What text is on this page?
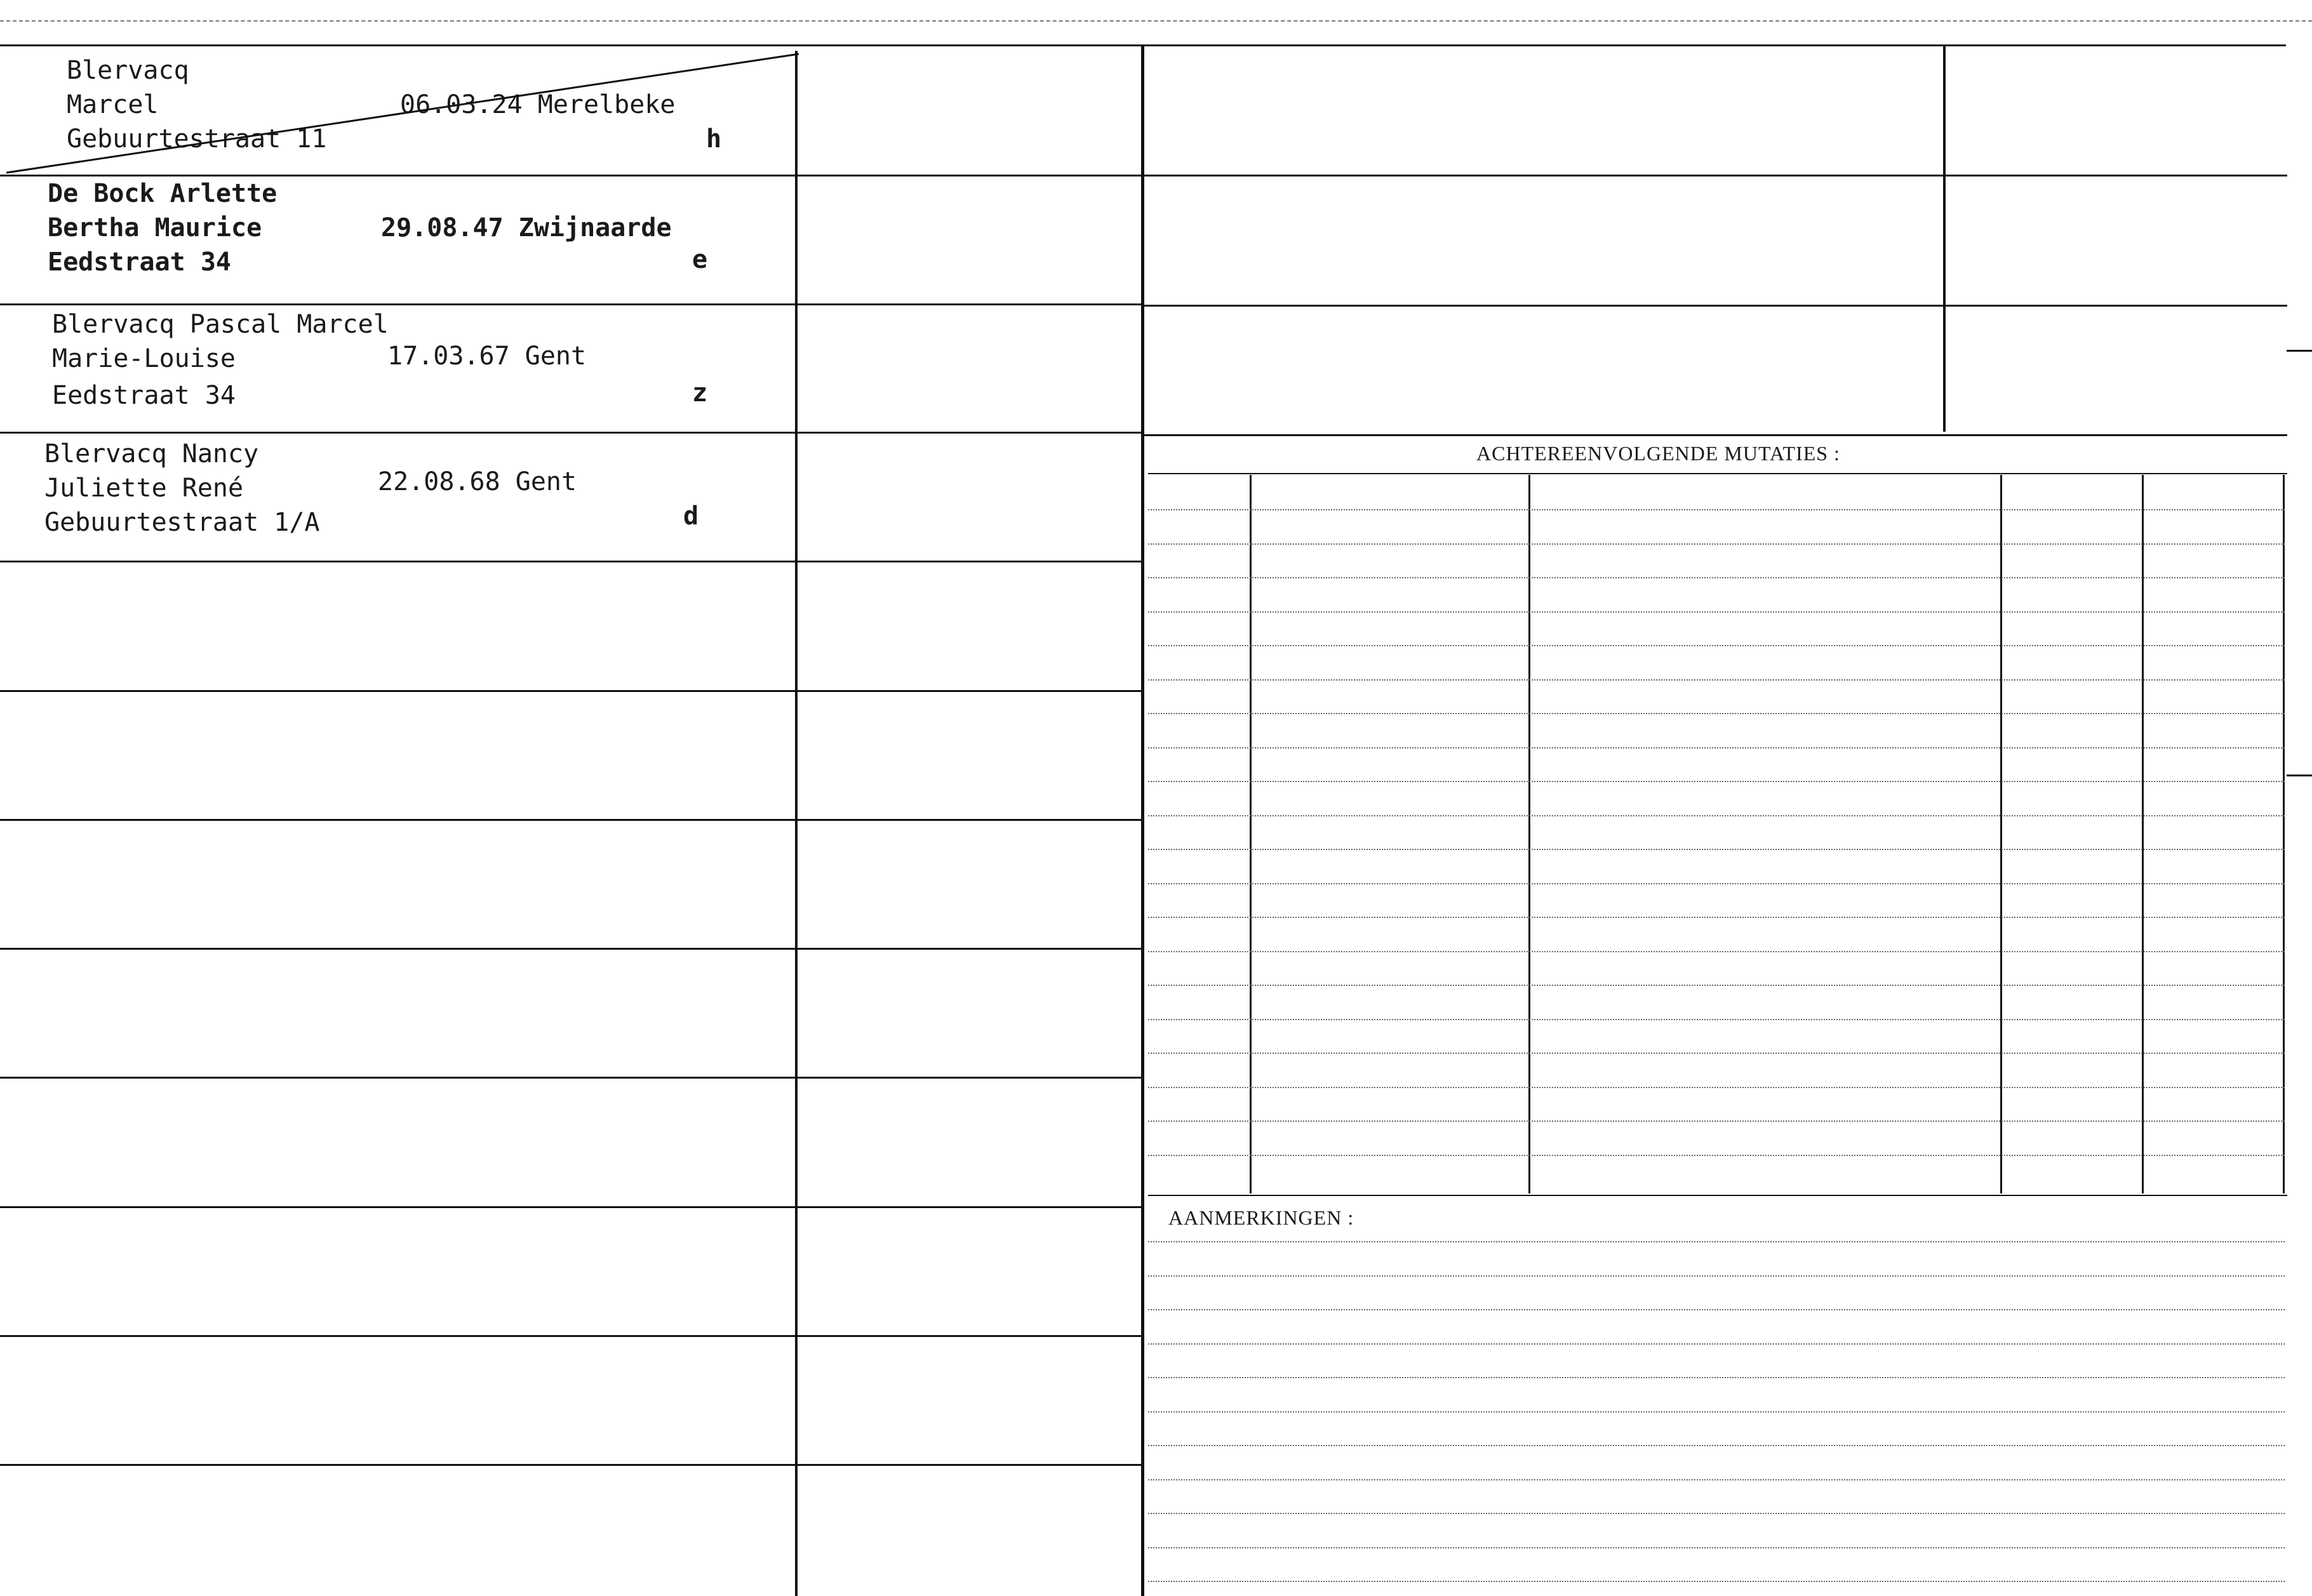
Blervacq
Marcel
Gebuurtestraat 11
06.03.24 Merelbeke
h
De Bock Arlette
Bertha Maurice
Eedstraat 34
29.08.47 Zwijnaarde
e
Blervacq Pascal Marcel
Marie-Louise
Eedstraat 34
17.03.67 Gent
z
Blervacq Nancy
Juliette René
Gebuurtestraat 1/A
22.08.68 Gent
d
ACHTEREENVOLGENDE MUTATIES :
AANMERKINGEN :
